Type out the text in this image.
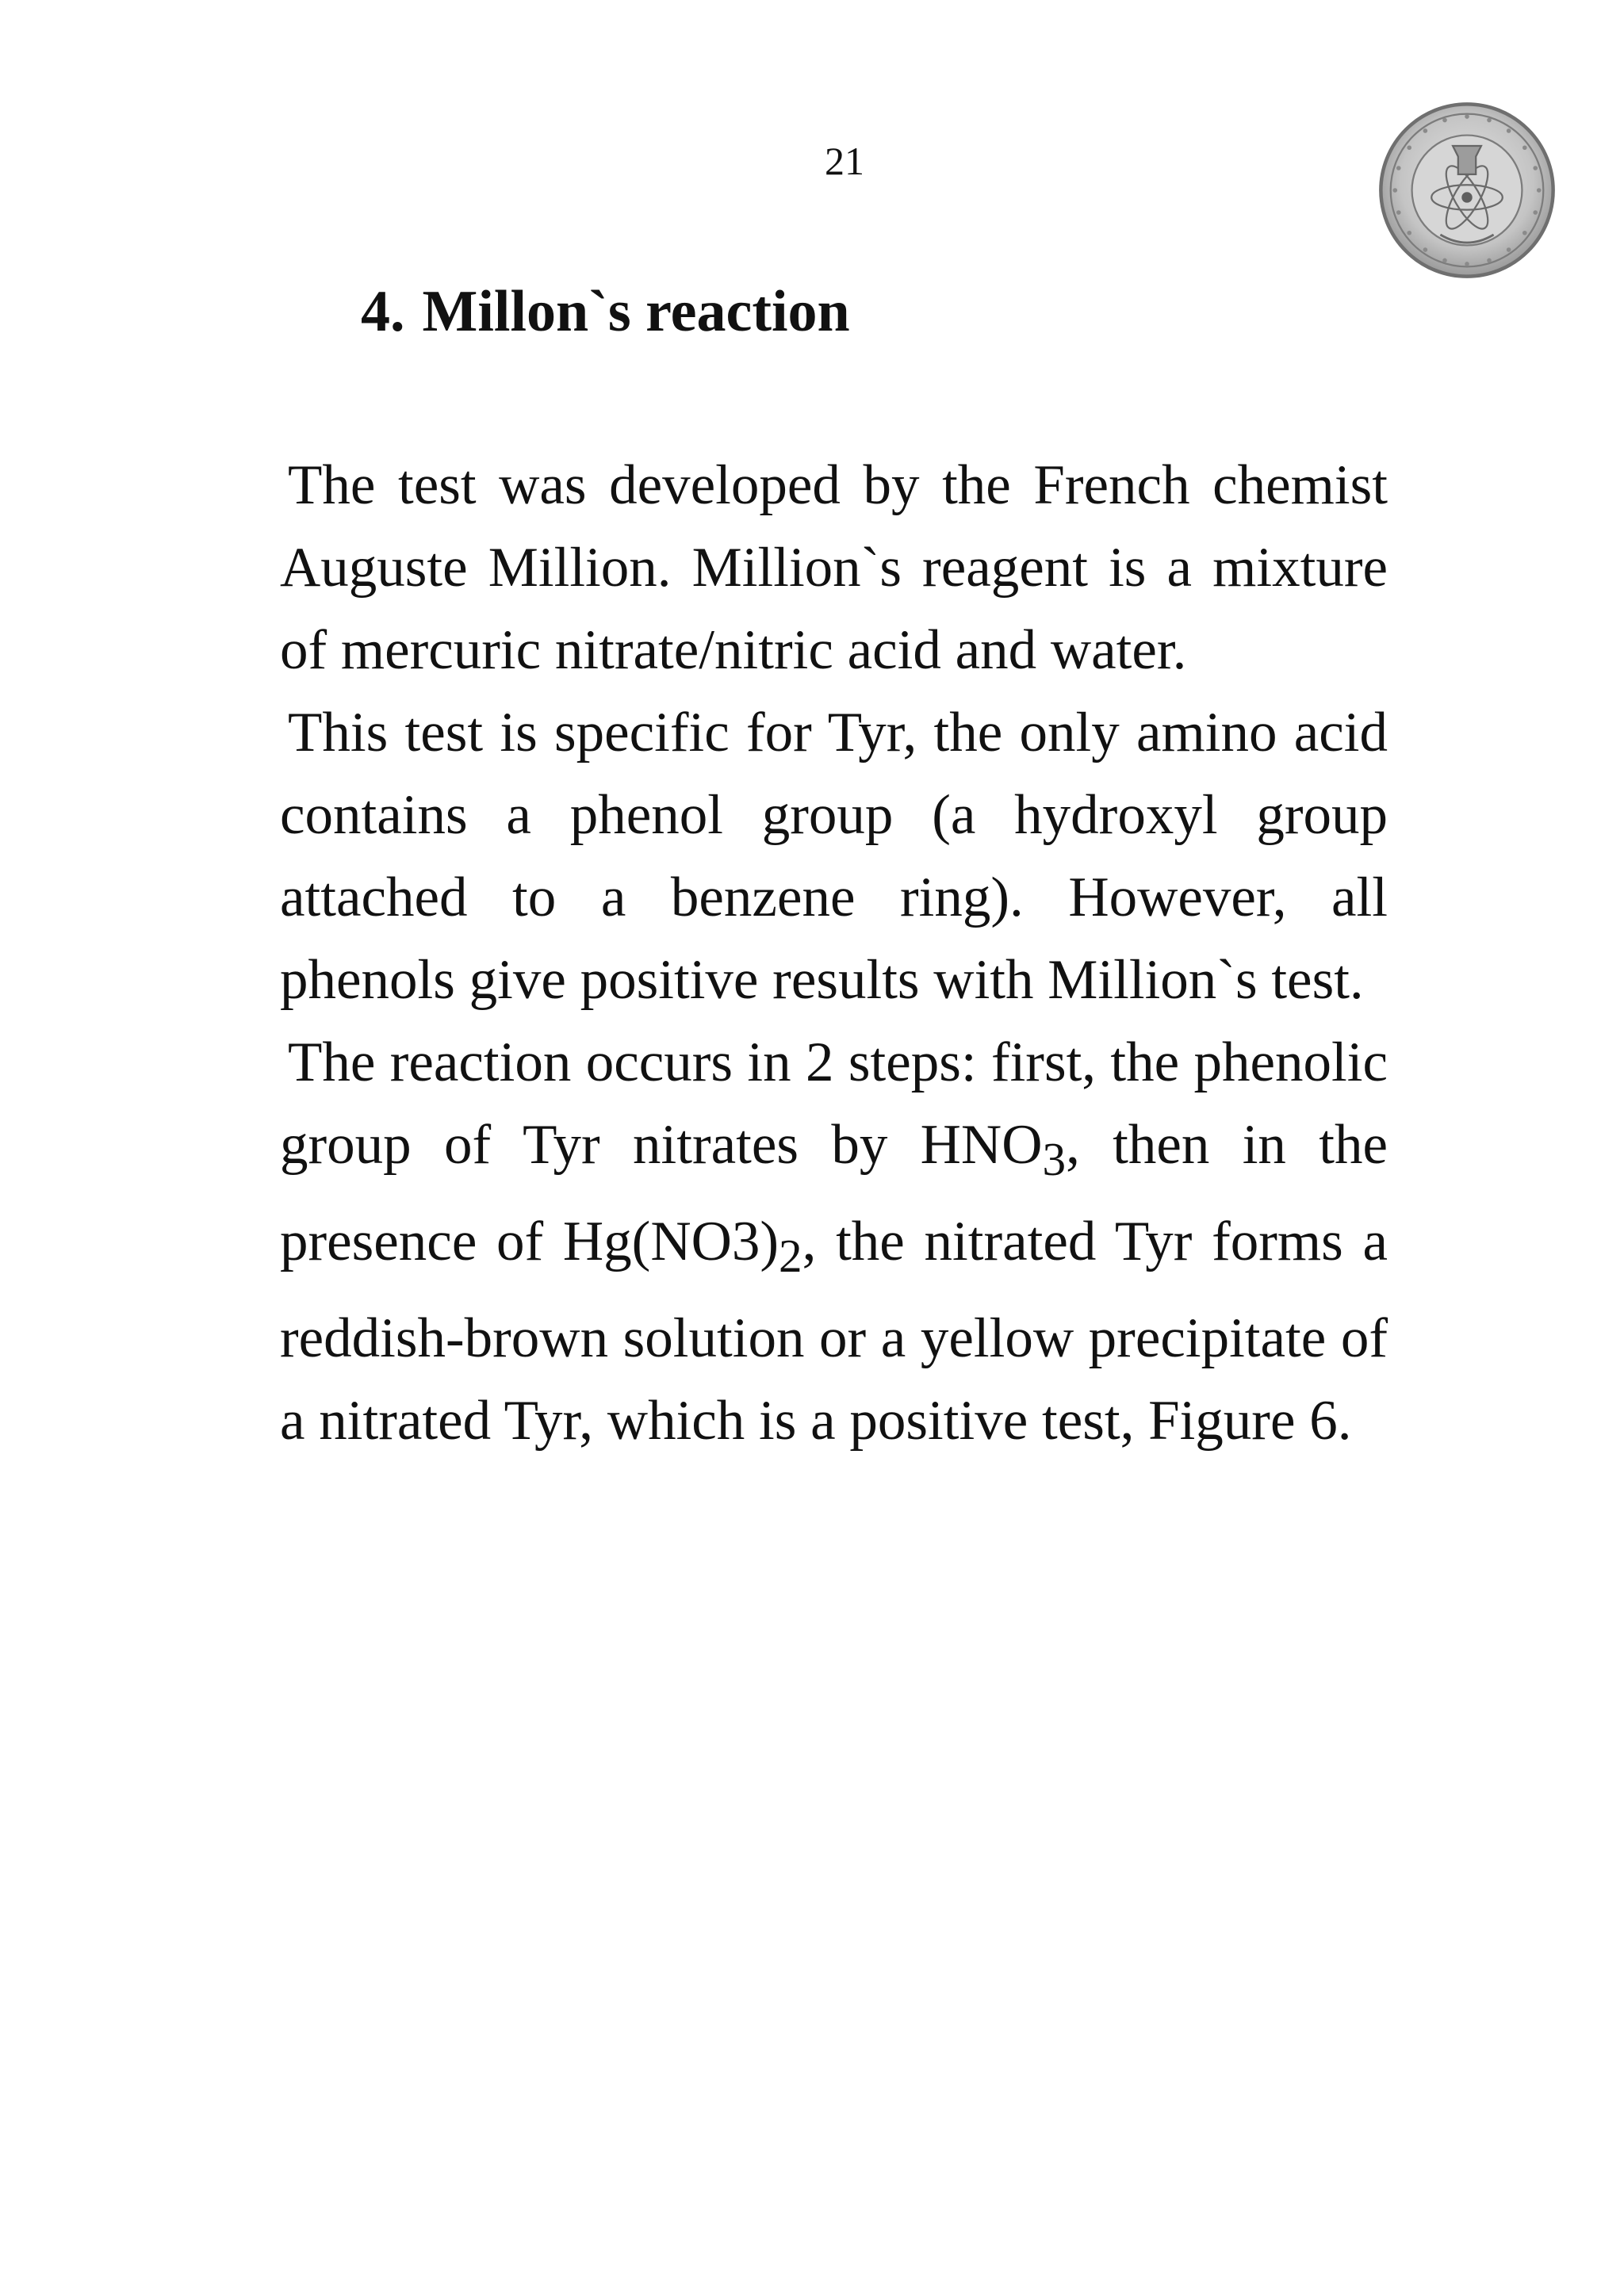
21
4. Millon`s reaction

The test was developed by the French chemist Auguste Million. Million`s reagent is a mixture of mercuric nitrate/nitric acid and water.

This test is specific for Tyr, the only amino acid contains a phenol group (a hydroxyl group attached to a benzene ring). However, all phenols give positive results with Million`s test.

The reaction occurs in 2 steps: first, the phenolic group of Tyr nitrates by $HNO_3$, then in the presence of $Hg(NO3)_2$, the nitrated Tyr forms a reddish-brown solution or a yellow precipitate of a nitrated Tyr, which is a positive test, Figure 6.
